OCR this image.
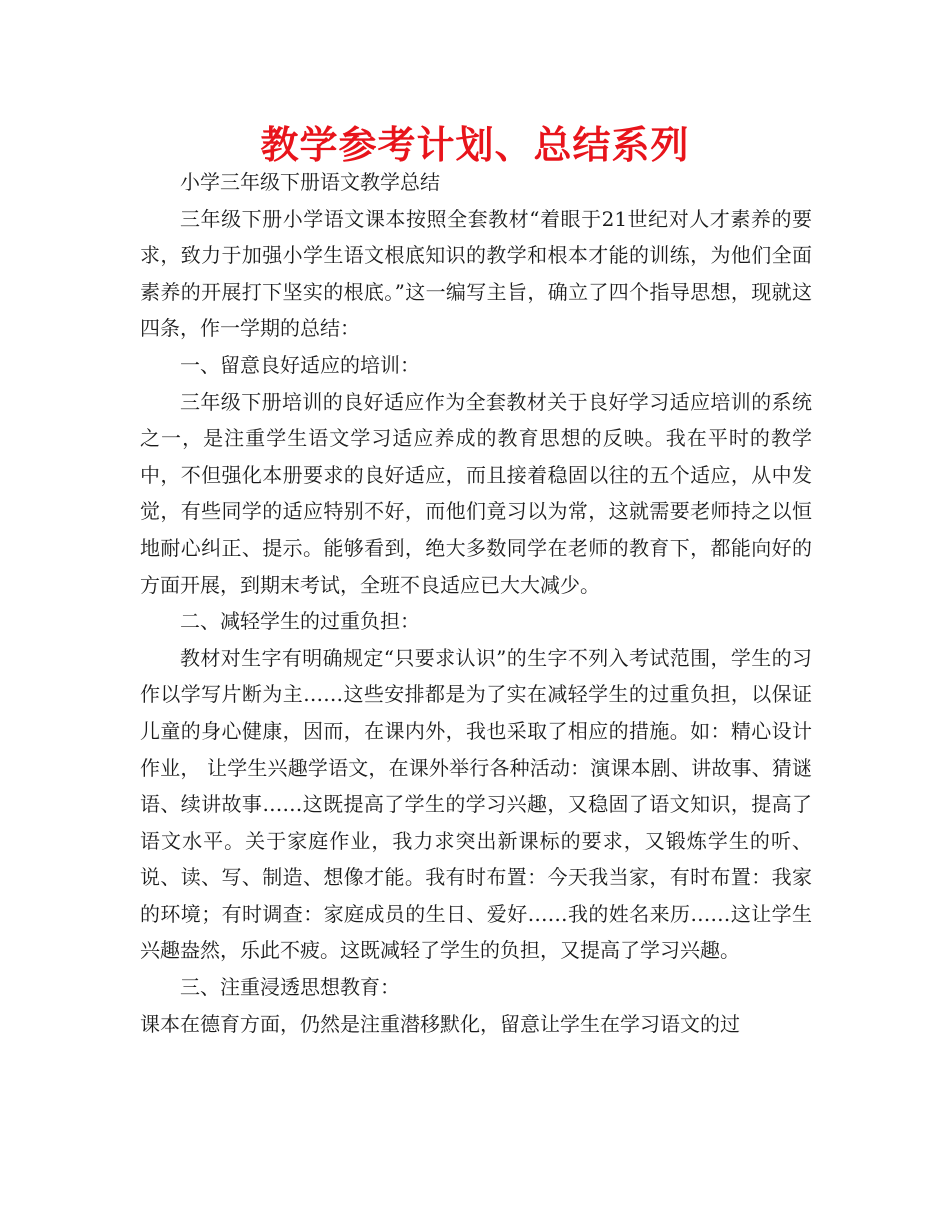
教学参考计划、总结系列

小学三年级下册语文教学总结

三年级下册小学语文课本按照全套教材“着眼于21世纪对人才素养的要求，致力于加强小学生语文根底知识的教学和根本才能的训练，为他们全面素养的开展打下坚实的根底。”这一编写主旨，确立了四个指导思想，现就这四条，作一学期的总结：

一、留意良好适应的培训：

三年级下册培训的良好适应作为全套教材关于良好学习适应培训的系统之一，是注重学生语文学习适应养成的教育思想的反映。我在平时的教学中，不但强化本册要求的良好适应，而且接着稳固以往的五个适应，从中发觉，有些同学的适应特别不好，而他们竟习以为常，这就需要老师持之以恒地耐心纠正、提示。能够看到，绝大多数同学在老师的教育下，都能向好的方面开展，到期末考试，全班不良适应已大大减少。

二、减轻学生的过重负担：

教材对生字有明确规定“只要求认识”的生字不列入考试范围，学生的习作以学写片断为主……这些安排都是为了实在减轻学生的过重负担，以保证儿童的身心健康，因而，在课内外，我也采取了相应的措施。如：精心设计作业， 让学生兴趣学语文，在课外举行各种活动：演课本剧、讲故事、猜谜语、续讲故事……这既提高了学生的学习兴趣，又稳固了语文知识，提高了语文水平。关于家庭作业，我力求突出新课标的要求，又锻炼学生的听、说、读、写、制造、想像才能。我有时布置：今天我当家，有时布置：我家的环境；有时调查：家庭成员的生日、爱好……我的姓名来历……这让学生兴趣盎然，乐此不疲。这既减轻了学生的负担，又提高了学习兴趣。

三、注重浸透思想教育：

课本在德育方面，仍然是注重潜移默化，留意让学生在学习语文的过
